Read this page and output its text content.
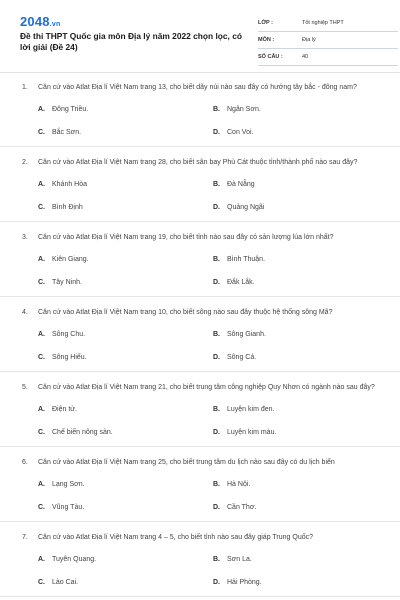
2048.vn
Đề thi THPT Quốc gia môn Địa lý năm 2022 chọn lọc, có lời giải (Đề 24)
LỚP :	Tốt nghiệp THPT
MÔN :	Địa lý
SỐ CÂU :	40
1. Căn cứ vào Atlat Địa lí Việt Nam trang 13, cho biết dãy núi nào sau đây có hướng tây bắc - đông nam?
A. Đông Triều.	B. Ngân Sơn.
C. Bắc Sơn.	D. Con Voi.
2. Căn cứ vào Atlat Địa lí Việt Nam trang 28, cho biết sân bay Phù Cát thuộc tỉnh/thành phố nào sau đây?
A. Khánh Hòa	B. Đà Nẵng
C. Bình Định	D. Quảng Ngãi
3. Căn cứ vào Atlat Địa lí Việt Nam trang 19, cho biết tỉnh nào sau đây có sản lượng lúa lớn nhất?
A. Kiên Giang.	B. Bình Thuận.
C. Tây Ninh.	D. Đắk Lắk.
4. Căn cứ vào Atlat Địa lí Việt Nam trang 10, cho biết sông nào sau đây thuộc hệ thống sông Mã?
A. Sông Chu.	B. Sông Gianh.
C. Sông Hiếu.	D. Sông Cả.
5. Căn cứ vào Atlat Địa lí Việt Nam trang 21, cho biết trung tâm công nghiệp Quy Nhơn có ngành nào sau đây?
A. Điện tử.	B. Luyện kim đen.
C. Chế biến nông sản.	D. Luyện kim màu.
6. Căn cứ vào Atlat Địa lí Việt Nam trang 25, cho biết trung tâm du lịch nào sau đây có du lịch biển
A. Lạng Sơn.	B. Hà Nội.
C. Vũng Tàu.	D. Cần Thơ.
7. Căn cứ vào Atlat Địa lí Việt Nam trang 4 – 5, cho biết tỉnh nào sau đây giáp Trung Quốc?
A. Tuyên Quang.	B. Sơn La.
C. Lào Cai.	D. Hải Phòng.
